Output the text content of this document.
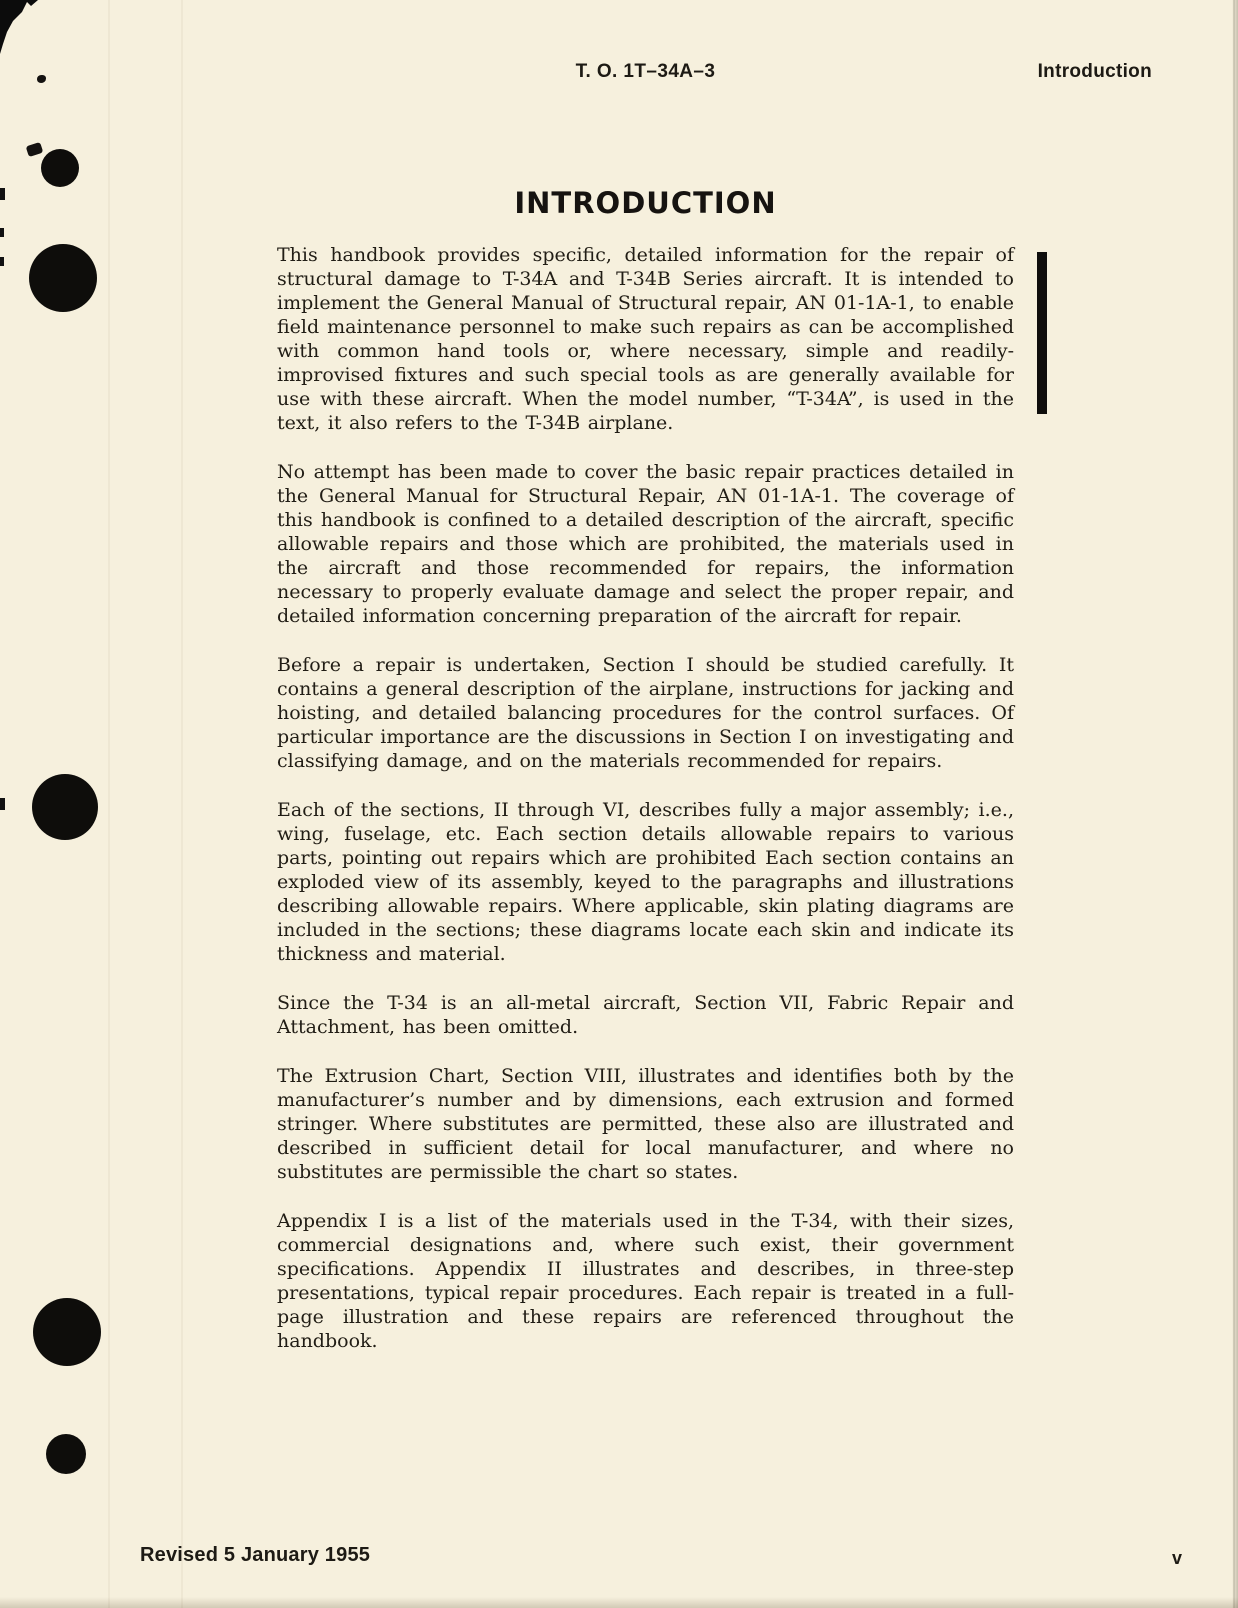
T. O. 1T–34A–3	Introduction
INTRODUCTION

This handbook provides specific, detailed information for the repair of structural damage to T-34A and T-34B Series aircraft. It is intended to implement the General Manual of Structural repair, AN 01-1A-1, to enable field maintenance personnel to make such repairs as can be accomplished with common hand tools or, where necessary, simple and readily-improvised fixtures and such special tools as are generally available for use with these aircraft. When the model number, “T-34A”, is used in the text, it also refers to the T-34B airplane.

No attempt has been made to cover the basic repair practices detailed in the General Manual for Structural Repair, AN 01-1A-1. The coverage of this handbook is confined to a detailed description of the aircraft, specific allowable repairs and those which are prohibited, the materials used in the aircraft and those recommended for repairs, the information necessary to properly evaluate damage and select the proper repair, and detailed information concerning preparation of the aircraft for repair.

Before a repair is undertaken, Section I should be studied carefully. It contains a general description of the airplane, instructions for jacking and hoisting, and detailed balancing procedures for the control surfaces. Of particular importance are the discussions in Section I on investigating and classifying damage, and on the materials recommended for repairs.

Each of the sections, II through VI, describes fully a major assembly; i.e., wing, fuselage, etc. Each section details allowable repairs to various parts, pointing out repairs which are prohibited Each section contains an exploded view of its assembly, keyed to the paragraphs and illustrations describing allowable repairs. Where applicable, skin plating diagrams are included in the sections; these diagrams locate each skin and indicate its thickness and material.

Since the T-34 is an all-metal aircraft, Section VII, Fabric Repair and Attachment, has been omitted.

The Extrusion Chart, Section VIII, illustrates and identifies both by the manufacturer’s number and by dimensions, each extrusion and formed stringer. Where substitutes are permitted, these also are illustrated and described in sufficient detail for local manufacturer, and where no substitutes are permissible the chart so states.

Appendix I is a list of the materials used in the T-34, with their sizes, commercial designations and, where such exist, their government specifications. Appendix II illustrates and describes, in three-step presentations, typical repair procedures. Each repair is treated in a full-page illustration and these repairs are referenced throughout the handbook.

Revised 5 January 1955	v
